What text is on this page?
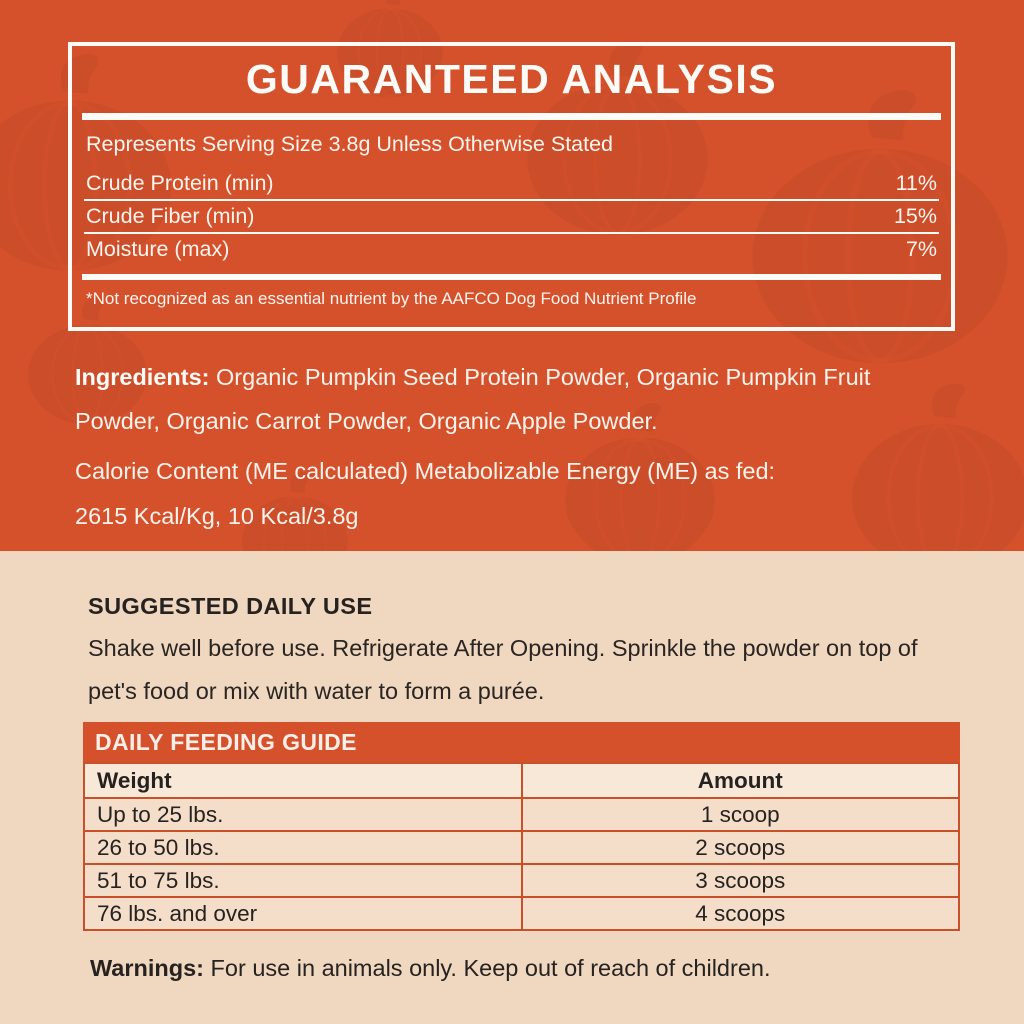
GUARANTEED ANALYSIS
Represents Serving Size 3.8g Unless Otherwise Stated
Crude Protein (min)	11%
Crude Fiber (min)	15%
Moisture (max)	7%
*Not recognized as an essential nutrient by the AAFCO Dog Food Nutrient Profile
Ingredients: Organic Pumpkin Seed Protein Powder, Organic Pumpkin Fruit Powder, Organic Carrot Powder, Organic Apple Powder.
Calorie Content (ME calculated) Metabolizable Energy (ME) as fed:
2615 Kcal/Kg, 10 Kcal/3.8g
SUGGESTED DAILY USE
Shake well before use. Refrigerate After Opening. Sprinkle the powder on top of pet's food or mix with water to form a purée.
DAILY FEEDING GUIDE
Weight	Amount
Up to 25 lbs.	1 scoop
26 to 50 lbs.	2 scoops
51 to 75 lbs.	3 scoops
76 lbs. and over	4 scoops
Warnings: For use in animals only. Keep out of reach of children.
